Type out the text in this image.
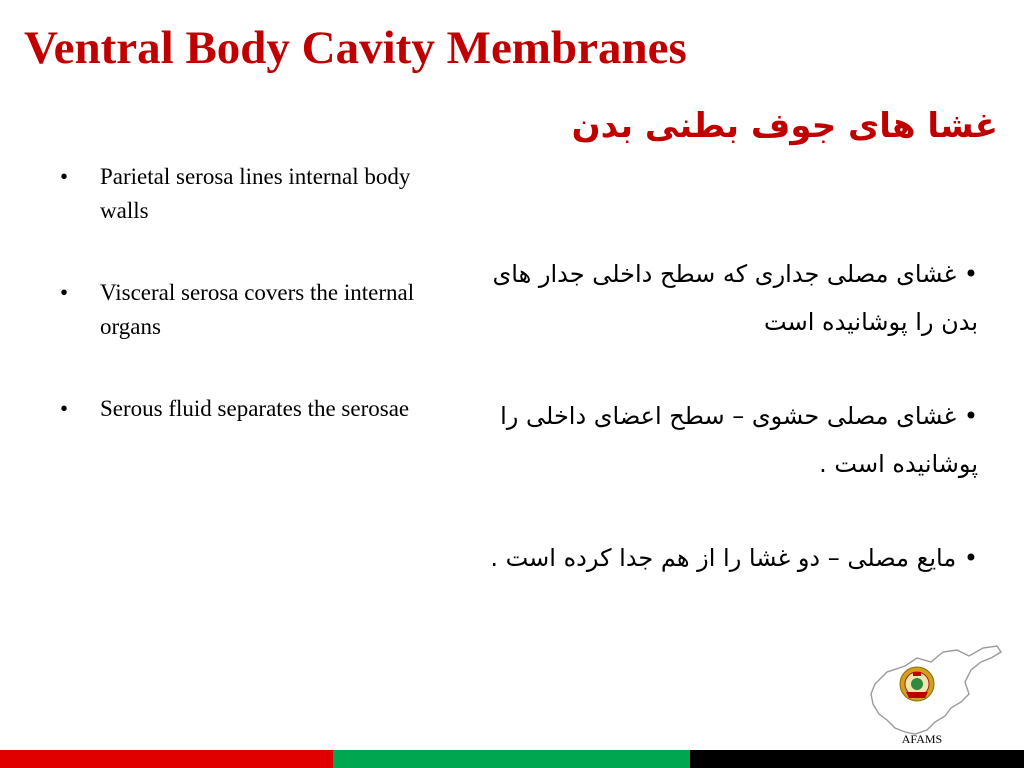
Ventral Body Cavity Membranes
غشا های جوف بطنی بدن
• Parietal serosa lines internal body walls
• Visceral serosa covers the internal organs
• Serous fluid separates the serosae
• غشای مصلی جداری که سطح داخلی جدار های بدن را پوشانیده است
• غشای مصلی حشوی – سطح اعضای داخلی را پوشانیده است .
• مایع مصلی – دو غشا را از هم جدا کرده است .
AFAMS
